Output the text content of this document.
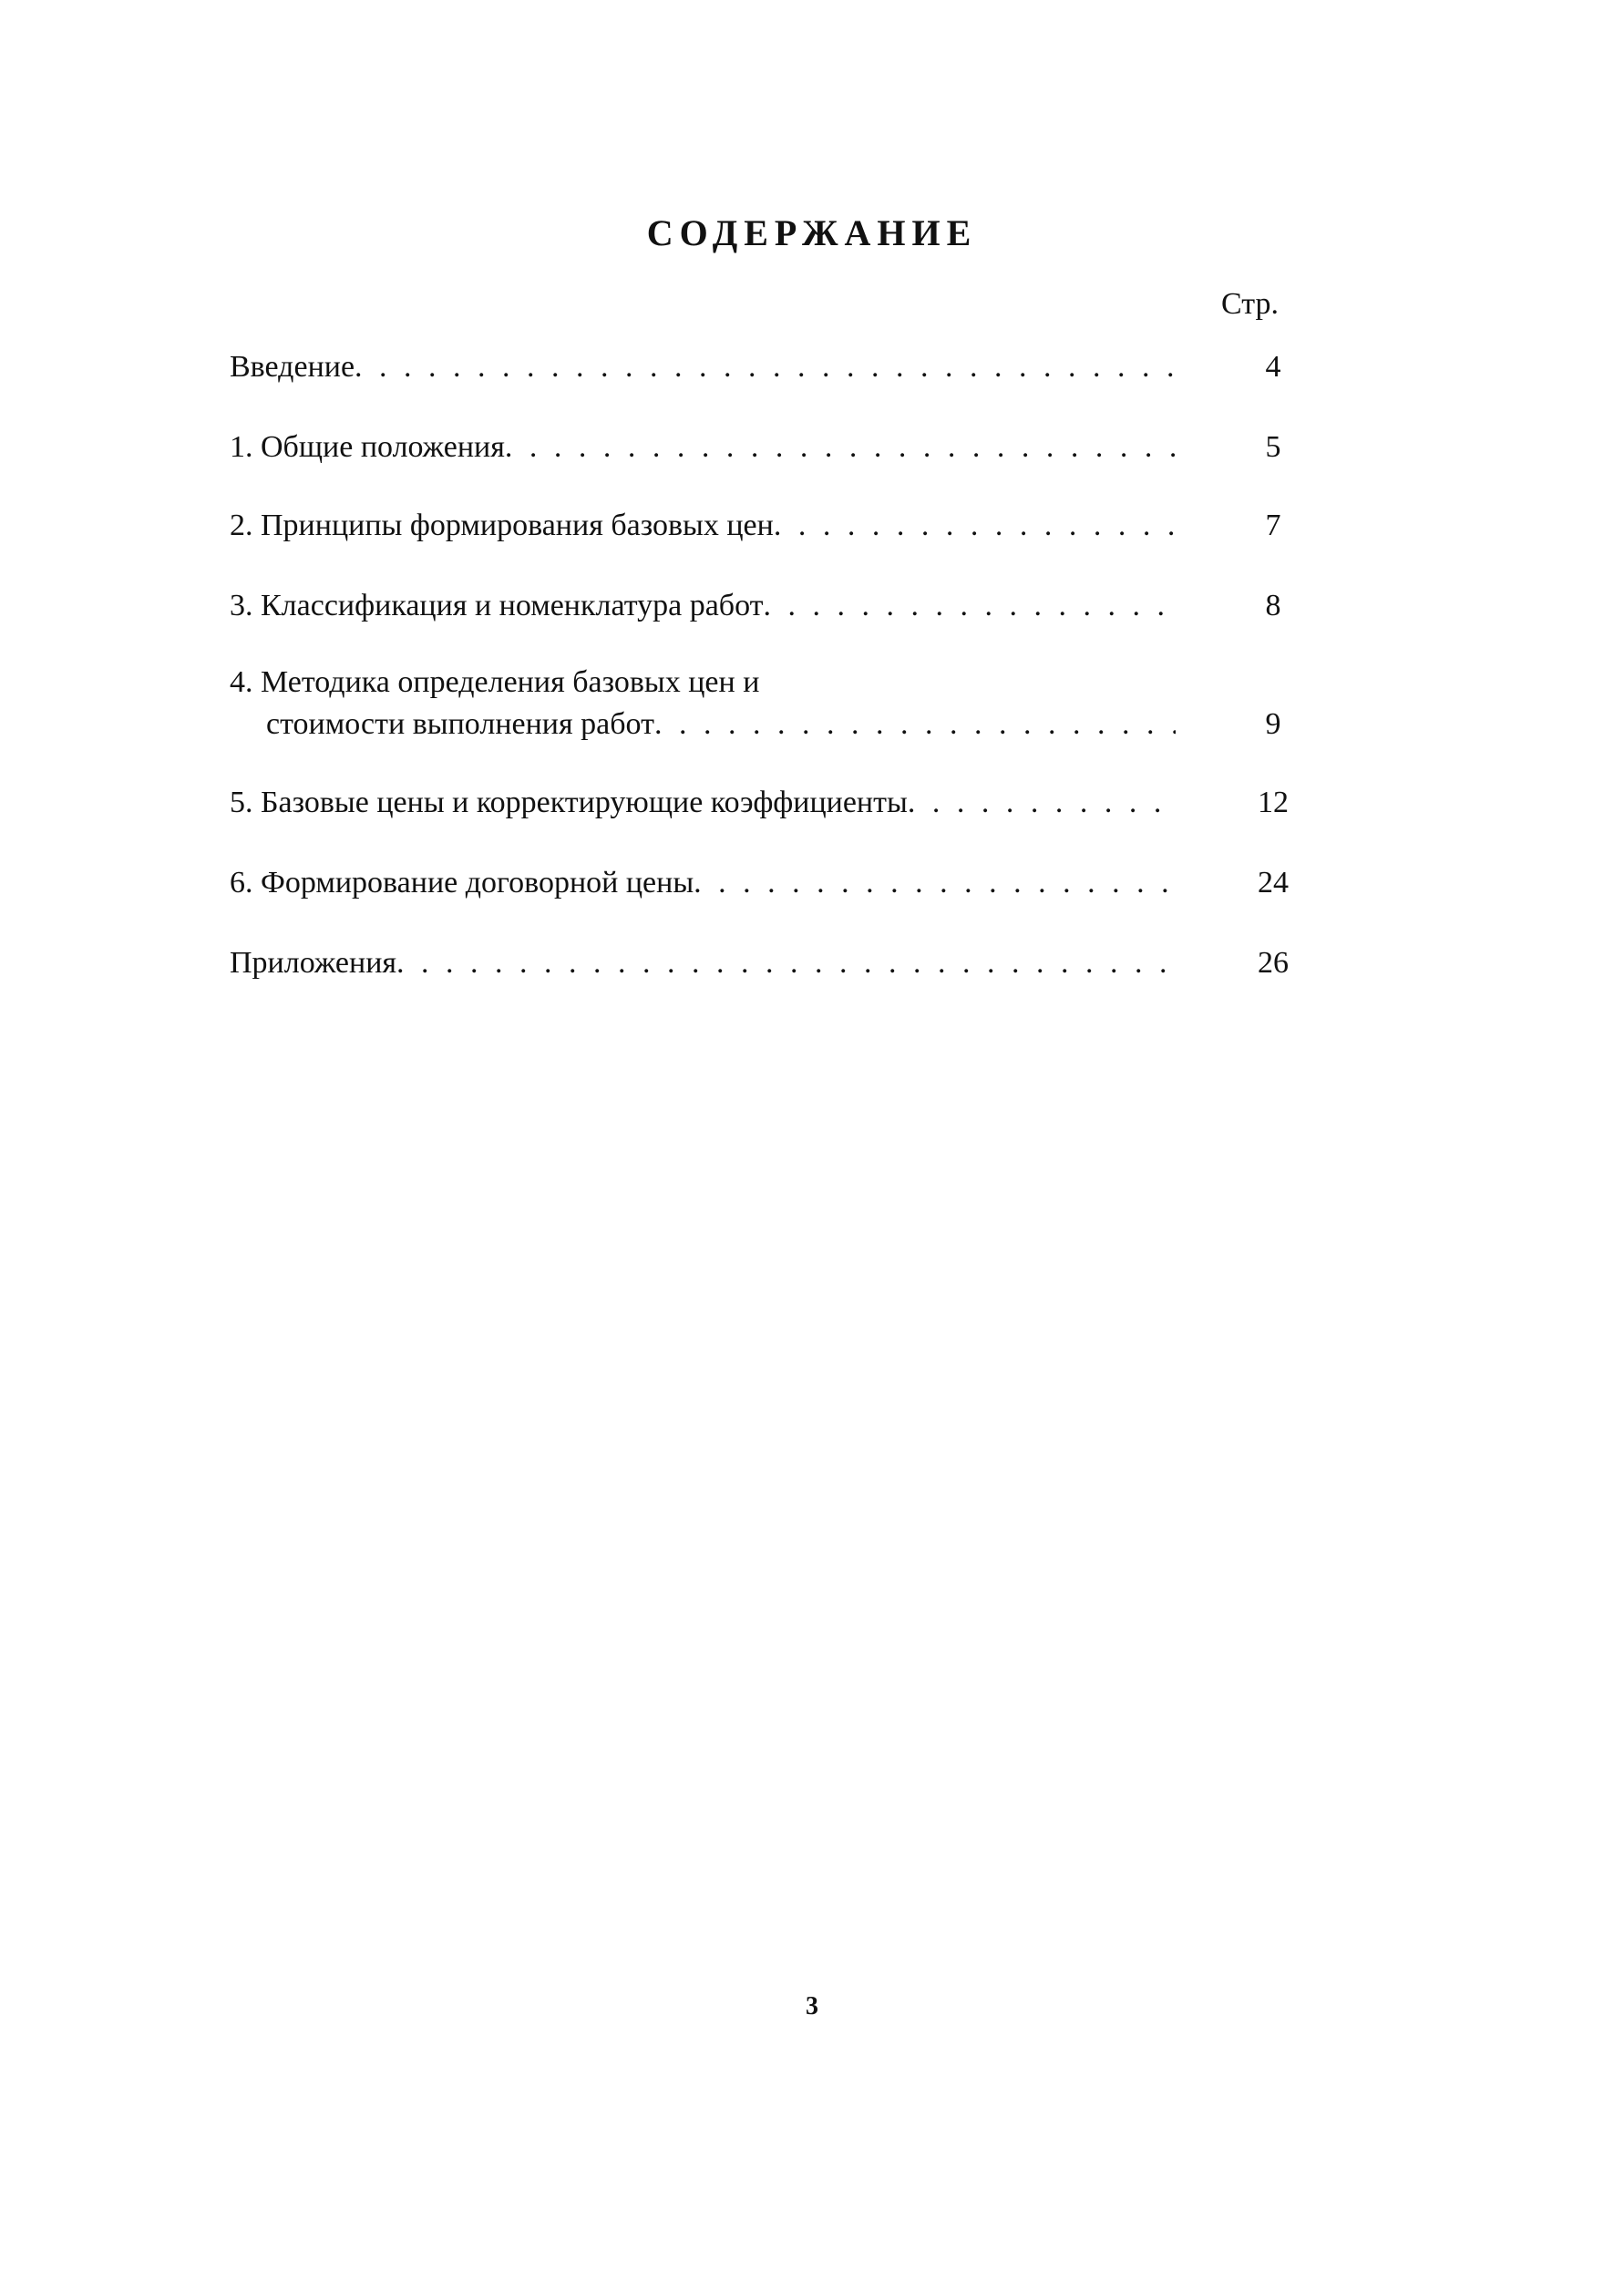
СОДЕРЖАНИЕ
Стр.
Введение . . .	4
1. Общие положения . . .	5
2. Принципы формирования базовых цен . . .	7
3. Классификация и номенклатура работ . . .	8
4. Методика определения базовых цен и
стоимости выполнения работ . . .	9
5. Базовые цены и корректирующие коэффициенты . . .	12
6. Формирование договорной цены . . .	24
Приложения . . .	26
3
